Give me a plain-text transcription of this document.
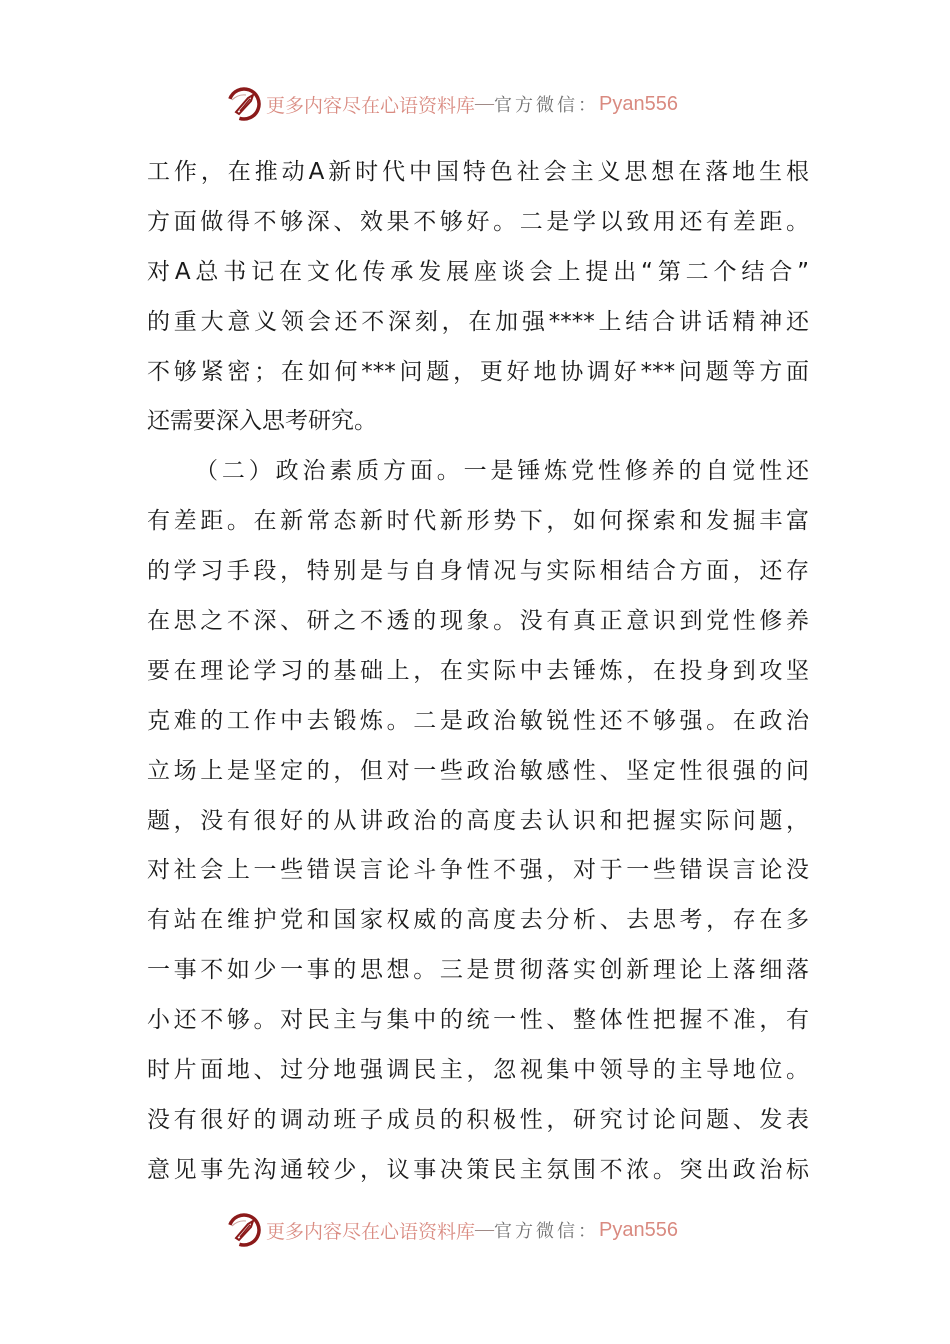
更多内容尽在心语资料库 — 官方微信： Pyan556
工作，在推动A新时代中国特色社会主义思想在落地生根
方面做得不够深、效果不够好。二是学以致用还有差距。
对A总书记在文化传承发展座谈会上提出“第二个结合”
的重大意义领会还不深刻，在加强****上结合讲话精神还
不够紧密；在如何***问题，更好地协调好***问题等方面
还需要深入思考研究。
（二）政治素质方面。一是锤炼党性修养的自觉性还
有差距。在新常态新时代新形势下，如何探索和发掘丰富
的学习手段，特别是与自身情况与实际相结合方面，还存
在思之不深、研之不透的现象。没有真正意识到党性修养
要在理论学习的基础上，在实际中去锤炼，在投身到攻坚
克难的工作中去锻炼。二是政治敏锐性还不够强。在政治
立场上是坚定的，但对一些政治敏感性、坚定性很强的问
题，没有很好的从讲政治的高度去认识和把握实际问题，
对社会上一些错误言论斗争性不强，对于一些错误言论没
有站在维护党和国家权威的高度去分析、去思考，存在多
一事不如少一事的思想。三是贯彻落实创新理论上落细落
小还不够。对民主与集中的统一性、整体性把握不准，有
时片面地、过分地强调民主，忽视集中领导的主导地位。
没有很好的调动班子成员的积极性，研究讨论问题、发表
意见事先沟通较少，议事决策民主氛围不浓。突出政治标
更多内容尽在心语资料库 — 官方微信： Pyan556
